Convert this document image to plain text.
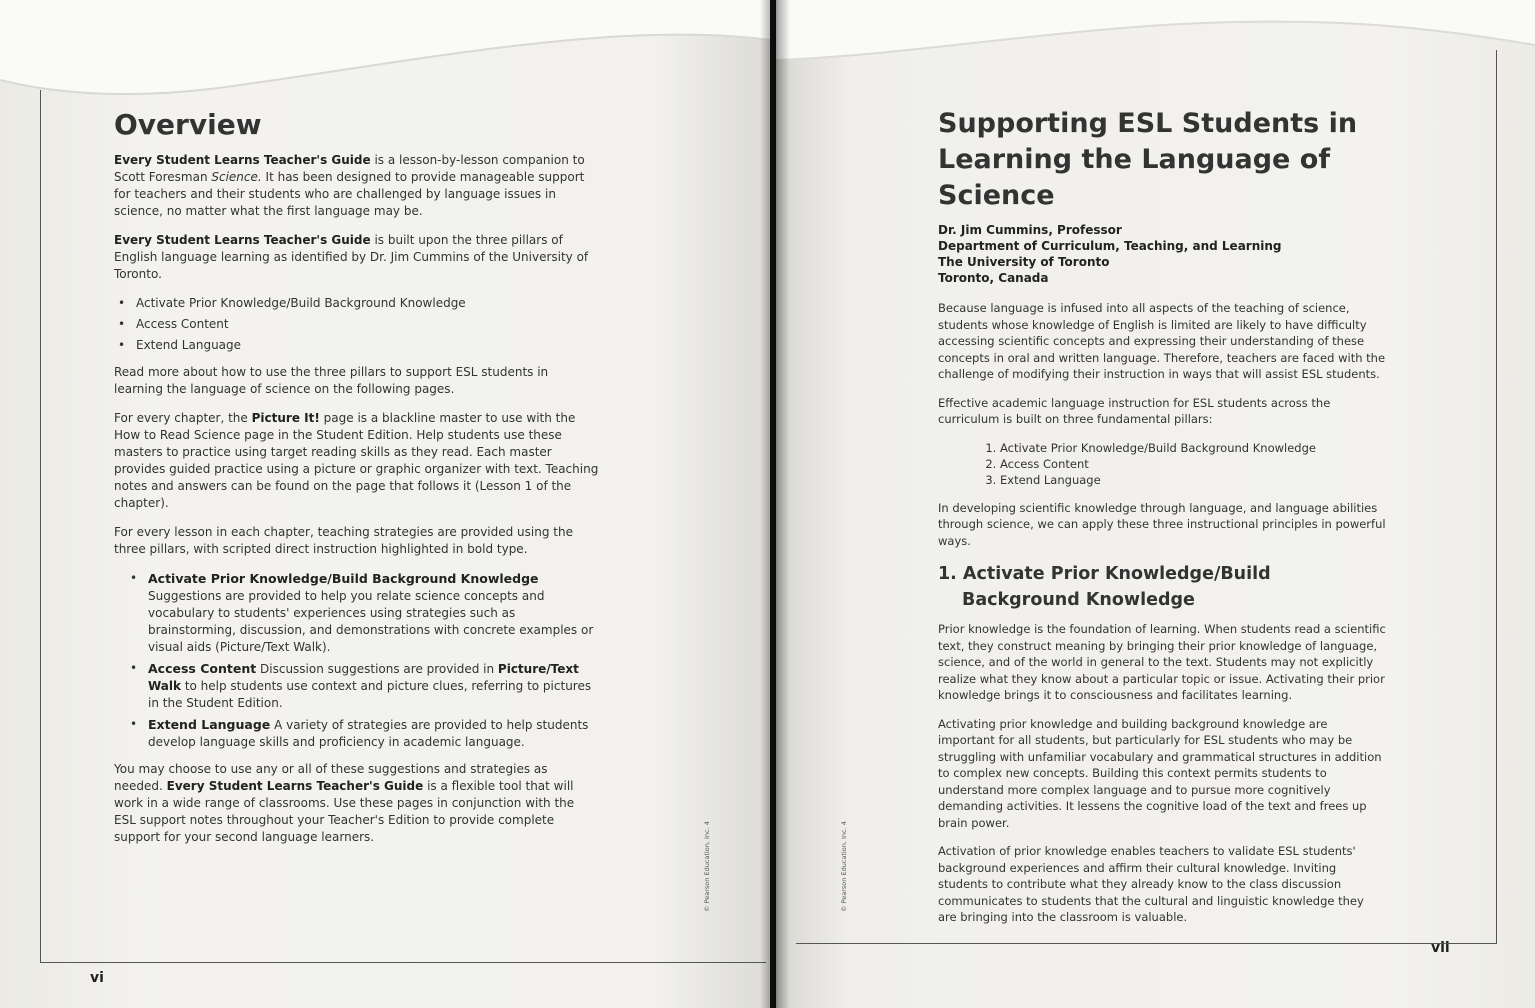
Overview

Every Student Learns Teacher's Guide is a lesson-by-lesson companion to Scott Foresman Science. It has been designed to provide manageable support for teachers and their students who are challenged by language issues in science, no matter what the first language may be.

Every Student Learns Teacher's Guide is built upon the three pillars of English language learning as identified by Dr. Jim Cummins of the University of Toronto.

• Activate Prior Knowledge/Build Background Knowledge
• Access Content
• Extend Language

Read more about how to use the three pillars to support ESL students in learning the language of science on the following pages.

For every chapter, the Picture It! page is a blackline master to use with the How to Read Science page in the Student Edition. Help students use these masters to practice using target reading skills as they read. Each master provides guided practice using a picture or graphic organizer with text. Teaching notes and answers can be found on the page that follows it (Lesson 1 of the chapter).

For every lesson in each chapter, teaching strategies are provided using the three pillars, with scripted direct instruction highlighted in bold type.

• Activate Prior Knowledge/Build Background Knowledge
Suggestions are provided to help you relate science concepts and vocabulary to students' experiences using strategies such as brainstorming, discussion, and demonstrations with concrete examples or visual aids (Picture/Text Walk).
• Access Content Discussion suggestions are provided in Picture/Text Walk to help students use context and picture clues, referring to pictures in the Student Edition.
• Extend Language A variety of strategies are provided to help students develop language skills and proficiency in academic language.

You may choose to use any or all of these suggestions and strategies as needed. Every Student Learns Teacher's Guide is a flexible tool that will work in a wide range of classrooms. Use these pages in conjunction with the ESL support notes throughout your Teacher's Edition to provide complete support for your second language learners.	© Pearson Education, Inc. 4
vi
Supporting ESL Students in Learning the Language of Science
Dr. Jim Cummins, Professor
Department of Curriculum, Teaching, and Learning
The University of Toronto
Toronto, Canada

Because language is infused into all aspects of the teaching of science, students whose knowledge of English is limited are likely to have difficulty accessing scientific concepts and expressing their understanding of these concepts in oral and written language. Therefore, teachers are faced with the challenge of modifying their instruction in ways that will assist ESL students.

Effective academic language instruction for ESL students across the curriculum is built on three fundamental pillars:

1. Activate Prior Knowledge/Build Background Knowledge
2. Access Content
3. Extend Language

In developing scientific knowledge through language, and language abilities through science, we can apply these three instructional principles in powerful ways.

1. Activate Prior Knowledge/Build Background Knowledge

Prior knowledge is the foundation of learning. When students read a scientific text, they construct meaning by bringing their prior knowledge of language, science, and of the world in general to the text. Students may not explicitly realize what they know about a particular topic or issue. Activating their prior knowledge brings it to consciousness and facilitates learning.

Activating prior knowledge and building background knowledge are important for all students, but particularly for ESL students who may be struggling with unfamiliar vocabulary and grammatical structures in addition to complex new concepts. Building this context permits students to understand more complex language and to pursue more cognitively demanding activities. It lessens the cognitive load of the text and frees up brain power.

Activation of prior knowledge enables teachers to validate ESL students' background experiences and affirm their cultural knowledge. Inviting students to contribute what they already know to the class discussion communicates to students that the cultural and linguistic knowledge they are bringing into the classroom is valuable.

© Pearson Education, Inc. 4
vii
